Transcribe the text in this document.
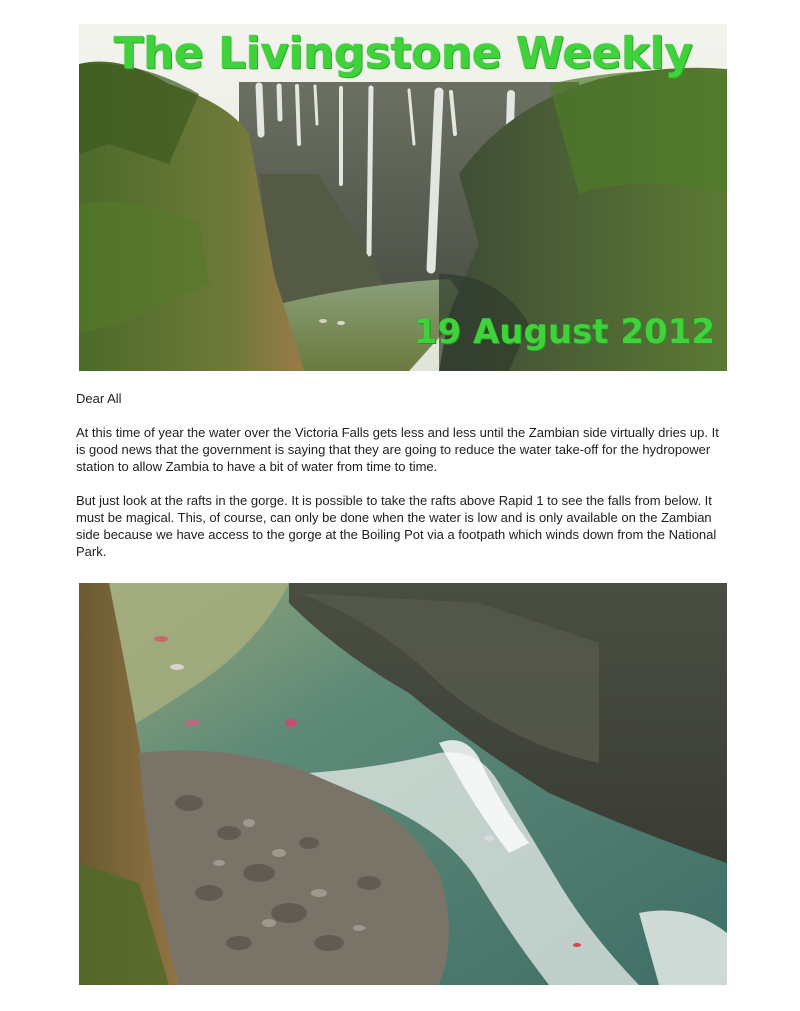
The Livingstone Weekly
19 August 2012

Dear All

At this time of year the water over the Victoria Falls gets less and less until the Zambian side virtually dries up. It is good news that the government is saying that they are going to reduce the water take-off for the hydropower station to allow Zambia to have a bit of water from time to time.

But just look at the rafts in the gorge. It is possible to take the rafts above Rapid 1 to see the falls from below. It must be magical. This, of course, can only be done when the water is low and is only available on the Zambian side because we have access to the gorge at the Boiling Pot via a footpath which winds down from the National Park.
